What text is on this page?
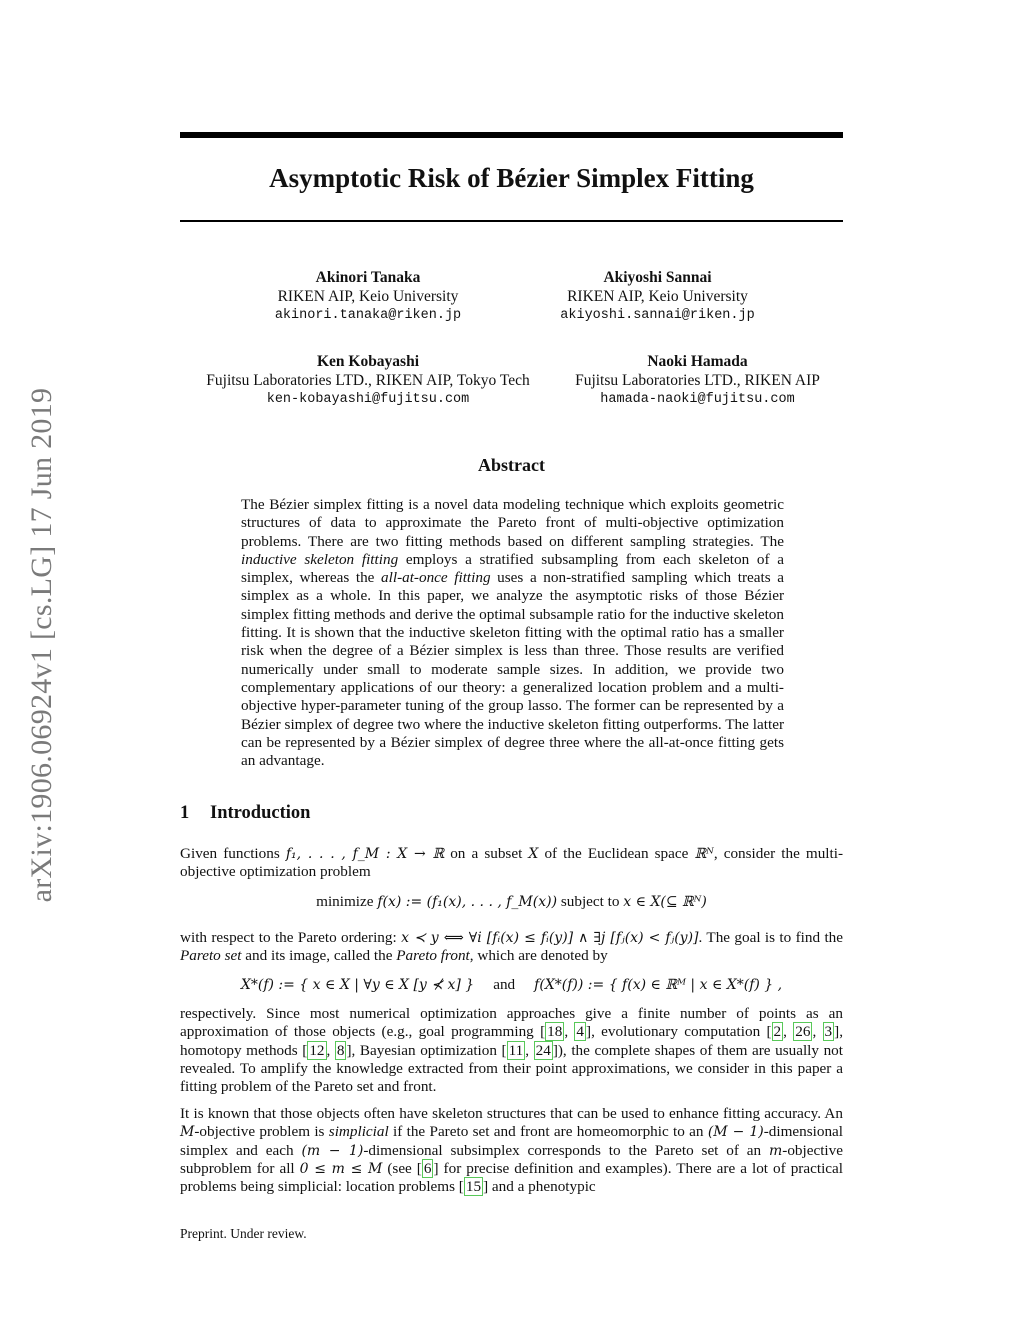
Asymptotic Risk of Bézier Simplex Fitting
arXiv:1906.06924v1 [cs.LG] 17 Jun 2019
Akinori Tanaka
RIKEN AIP, Keio University
akinori.tanaka@riken.jp
Akiyoshi Sannai
RIKEN AIP, Keio University
akiyoshi.sannai@riken.jp
Ken Kobayashi
Fujitsu Laboratories LTD., RIKEN AIP, Tokyo Tech
ken-kobayashi@fujitsu.com
Naoki Hamada
Fujitsu Laboratories LTD., RIKEN AIP
hamada-naoki@fujitsu.com
Abstract

The Bézier simplex fitting is a novel data modeling technique which exploits geometric structures of data to approximate the Pareto front of multi-objective optimization problems. There are two fitting methods based on different sampling strategies. The inductive skeleton fitting employs a stratified subsampling from each skeleton of a simplex, whereas the all-at-once fitting uses a non-stratified sampling which treats a simplex as a whole. In this paper, we analyze the asymptotic risks of those Bézier simplex fitting methods and derive the optimal subsample ratio for the inductive skeleton fitting. It is shown that the inductive skeleton fitting with the optimal ratio has a smaller risk when the degree of a Bézier simplex is less than three. Those results are verified numerically under small to moderate sample sizes. In addition, we provide two complementary applications of our theory: a generalized location problem and a multi-objective hyper-parameter tuning of the group lasso. The former can be represented by a Bézier simplex of degree two where the inductive skeleton fitting outperforms. The latter can be represented by a Bézier simplex of degree three where the all-at-once fitting gets an advantage.

1 Introduction

Given functions f₁, . . . , f_M : X → ℝ on a subset X of the Euclidean space ℝᴺ, consider the multi-objective optimization problem

minimize f(x) := (f₁(x), . . . , f_M(x)) subject to x ∈ X(⊆ ℝᴺ)

with respect to the Pareto ordering: x ≺ y ⟺ ∀i [fᵢ(x) ≤ fᵢ(y)] ∧ ∃j [fⱼ(x) < fⱼ(y)]. The goal is to find the Pareto set and its image, called the Pareto front, which are denoted by

X*(f) := { x ∈ X | ∀y ∈ X [y ⊀ x] } and f(X*(f)) := { f(x) ∈ ℝᴹ | x ∈ X*(f) } ,

respectively. Since most numerical optimization approaches give a finite number of points as an approximation of those objects (e.g., goal programming [ 18 , 4 ], evolutionary computation [ 2 , 26 , 3 ], homotopy methods [ 12 , 8 ], Bayesian optimization [ 11 , 24 ]), the complete shapes of them are usually not revealed. To amplify the knowledge extracted from their point approximations, we consider in this paper a fitting problem of the Pareto set and front.

It is known that those objects often have skeleton structures that can be used to enhance fitting accuracy. An M-objective problem is simplicial if the Pareto set and front are homeomorphic to an (M − 1)-dimensional simplex and each (m − 1)-dimensional subsimplex corresponds to the Pareto set of an m-objective subproblem for all 0 ≤ m ≤ M (see [ 6 ] for precise definition and examples). There are a lot of practical problems being simplicial: location problems [ 15 ] and a phenotypic

Preprint. Under review.
